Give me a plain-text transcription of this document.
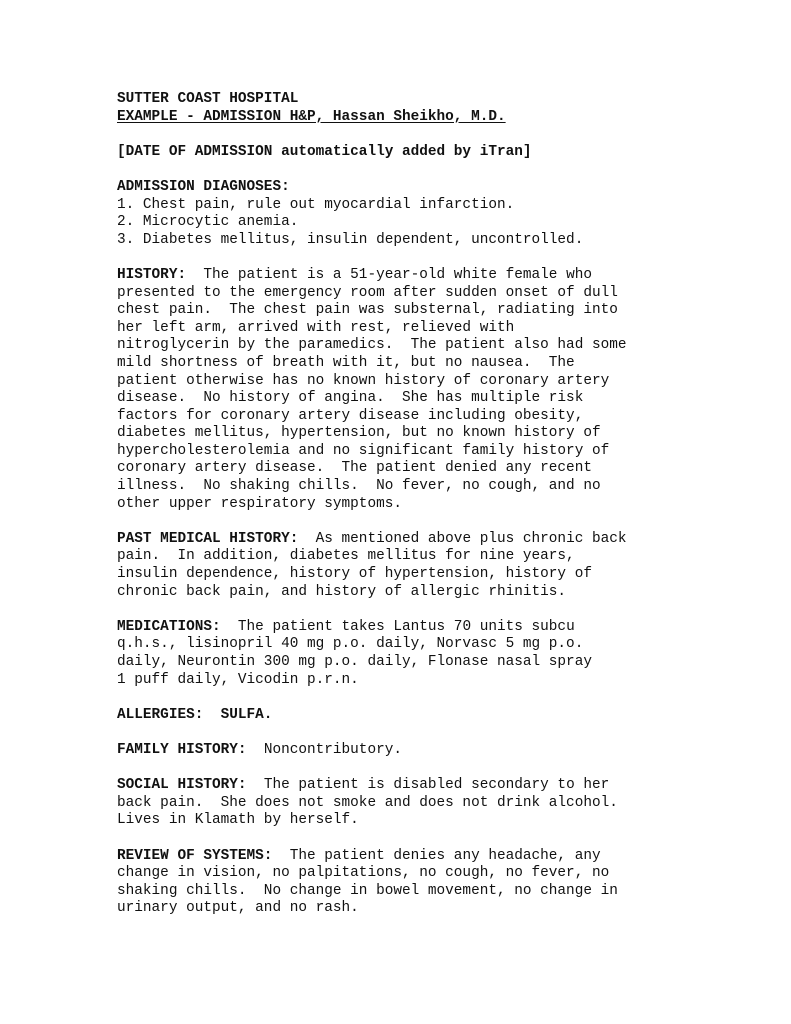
SUTTER COAST HOSPITAL
EXAMPLE - ADMISSION H&P, Hassan Sheikho, M.D.
[DATE OF ADMISSION automatically added by iTran]
ADMISSION DIAGNOSES:
1. Chest pain, rule out myocardial infarction.
2. Microcytic anemia.
3. Diabetes mellitus, insulin dependent, uncontrolled.
HISTORY:  The patient is a 51-year-old white female who
presented to the emergency room after sudden onset of dull
chest pain.  The chest pain was substernal, radiating into
her left arm, arrived with rest, relieved with
nitroglycerin by the paramedics.  The patient also had some
mild shortness of breath with it, but no nausea.  The
patient otherwise has no known history of coronary artery
disease.  No history of angina.  She has multiple risk
factors for coronary artery disease including obesity,
diabetes mellitus, hypertension, but no known history of
hypercholesterolemia and no significant family history of
coronary artery disease.  The patient denied any recent
illness.  No shaking chills.  No fever, no cough, and no
other upper respiratory symptoms.
PAST MEDICAL HISTORY:  As mentioned above plus chronic back
pain.  In addition, diabetes mellitus for nine years,
insulin dependence, history of hypertension, history of
chronic back pain, and history of allergic rhinitis.
MEDICATIONS:  The patient takes Lantus 70 units subcu
q.h.s., lisinopril 40 mg p.o. daily, Norvasc 5 mg p.o.
daily, Neurontin 300 mg p.o. daily, Flonase nasal spray
1 puff daily, Vicodin p.r.n.
ALLERGIES:  SULFA.
FAMILY HISTORY:  Noncontributory.
SOCIAL HISTORY:  The patient is disabled secondary to her
back pain.  She does not smoke and does not drink alcohol.
Lives in Klamath by herself.
REVIEW OF SYSTEMS:  The patient denies any headache, any
change in vision, no palpitations, no cough, no fever, no
shaking chills.  No change in bowel movement, no change in
urinary output, and no rash.
